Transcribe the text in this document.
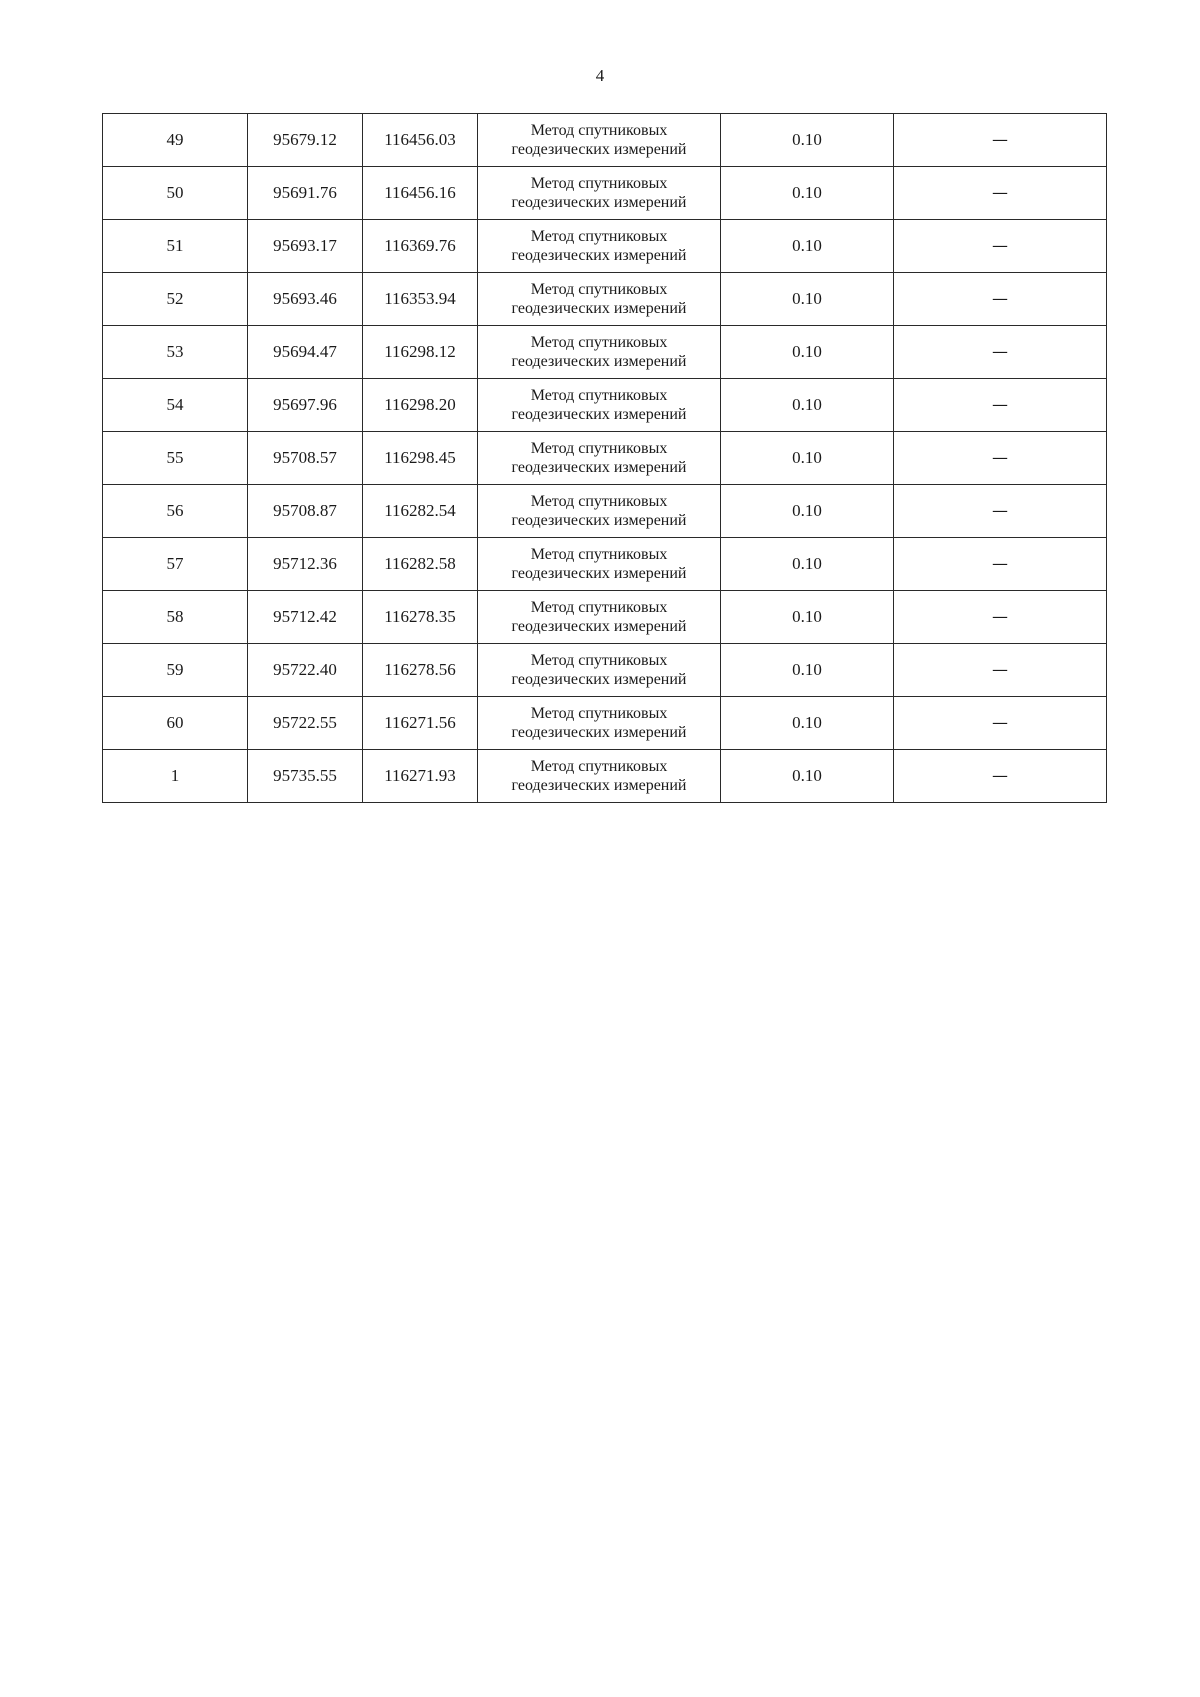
4
49	95679.12	116456.03	Метод спутниковых
геодезических измерений	0.10	—
50	95691.76	116456.16	Метод спутниковых
геодезических измерений	0.10	—
51	95693.17	116369.76	Метод спутниковых
геодезических измерений	0.10	—
52	95693.46	116353.94	Метод спутниковых
геодезических измерений	0.10	—
53	95694.47	116298.12	Метод спутниковых
геодезических измерений	0.10	—
54	95697.96	116298.20	Метод спутниковых
геодезических измерений	0.10	—
55	95708.57	116298.45	Метод спутниковых
геодезических измерений	0.10	—
56	95708.87	116282.54	Метод спутниковых
геодезических измерений	0.10	—
57	95712.36	116282.58	Метод спутниковых
геодезических измерений	0.10	—
58	95712.42	116278.35	Метод спутниковых
геодезических измерений	0.10	—
59	95722.40	116278.56	Метод спутниковых
геодезических измерений	0.10	—
60	95722.55	116271.56	Метод спутниковых
геодезических измерений	0.10	—
1	95735.55	116271.93	Метод спутниковых
геодезических измерений	0.10	—
